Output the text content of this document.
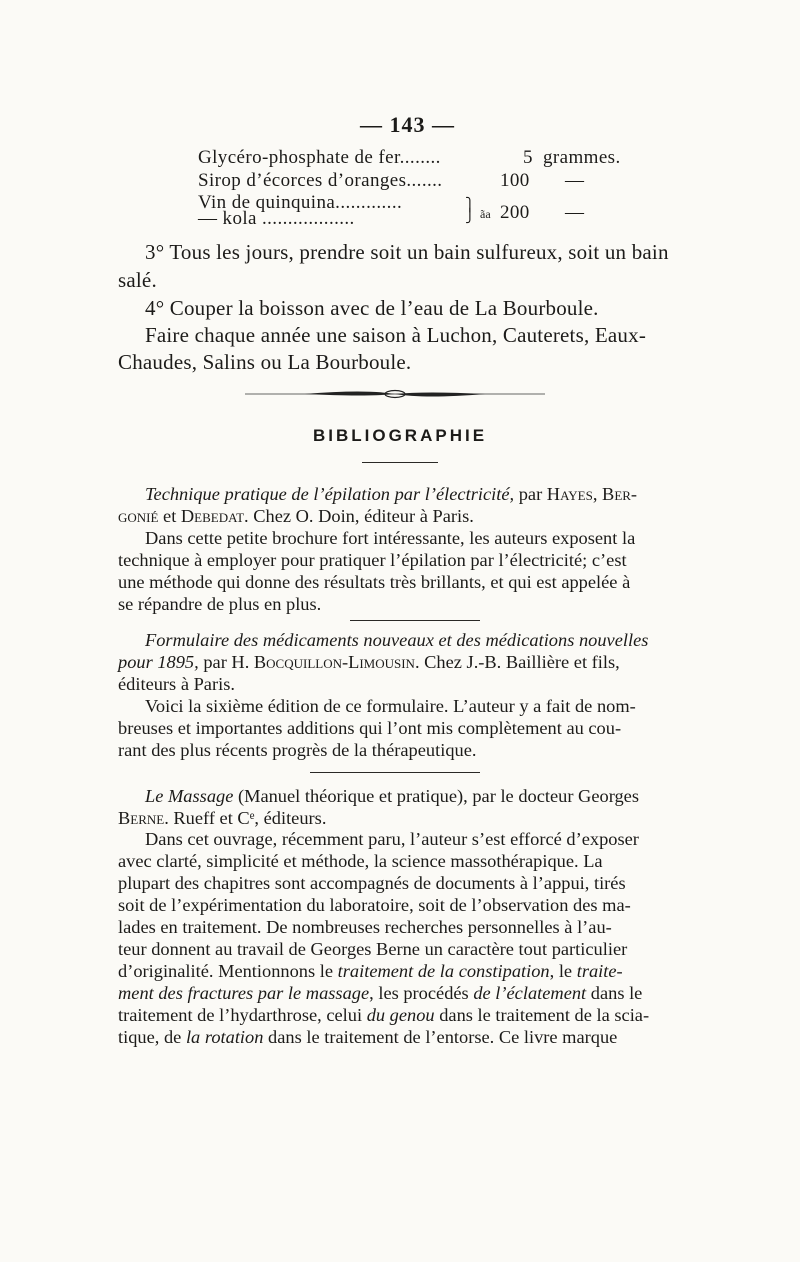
— 143 —
Glycéro-phosphate de fer........	5 grammes.
Sirop d’écorces d’oranges.......	100 —
Vin de quinquina.............
— kola ..................
⎫
⎭ ãa 200 —
3° Tous les jours, prendre soit un bain sulfureux, soit un bain
salé.
4° Couper la boisson avec de l’eau de La Bourboule.
Faire chaque année une saison à Luchon, Cauterets, Eaux-
Chaudes, Salins ou La Bourboule.
BIBLIOGRAPHIE
Technique pratique de l’épilation par l’électricité, par Hayes, Ber-
gonié et Debedat. Chez O. Doin, éditeur à Paris.
Dans cette petite brochure fort intéressante, les auteurs exposent la
technique à employer pour pratiquer l’épilation par l’électricité; c’est
une méthode qui donne des résultats très brillants, et qui est appelée à
se répandre de plus en plus.
Formulaire des médicaments nouveaux et des médications nouvelles
pour 1895, par H. Bocquillon-Limousin. Chez J.-B. Baillière et fils,
éditeurs à Paris.
Voici la sixième édition de ce formulaire. L’auteur y a fait de nom-
breuses et importantes additions qui l’ont mis complètement au cou-
rant des plus récents progrès de la thérapeutique.
Le Massage (Manuel théorique et pratique), par le docteur Georges
Berne. Rueff et Cᵉ, éditeurs.
Dans cet ouvrage, récemment paru, l’auteur s’est efforcé d’exposer
avec clarté, simplicité et méthode, la science massothérapique. La
plupart des chapitres sont accompagnés de documents à l’appui, tirés
soit de l’expérimentation du laboratoire, soit de l’observation des ma-
lades en traitement. De nombreuses recherches personnelles à l’au-
teur donnent au travail de Georges Berne un caractère tout particulier
d’originalité. Mentionnons le traitement de la constipation, le traite-
ment des fractures par le massage, les procédés de l’éclatement dans le
traitement de l’hydarthrose, celui du genou dans le traitement de la scia-
tique, de la rotation dans le traitement de l’entorse. Ce livre marque
